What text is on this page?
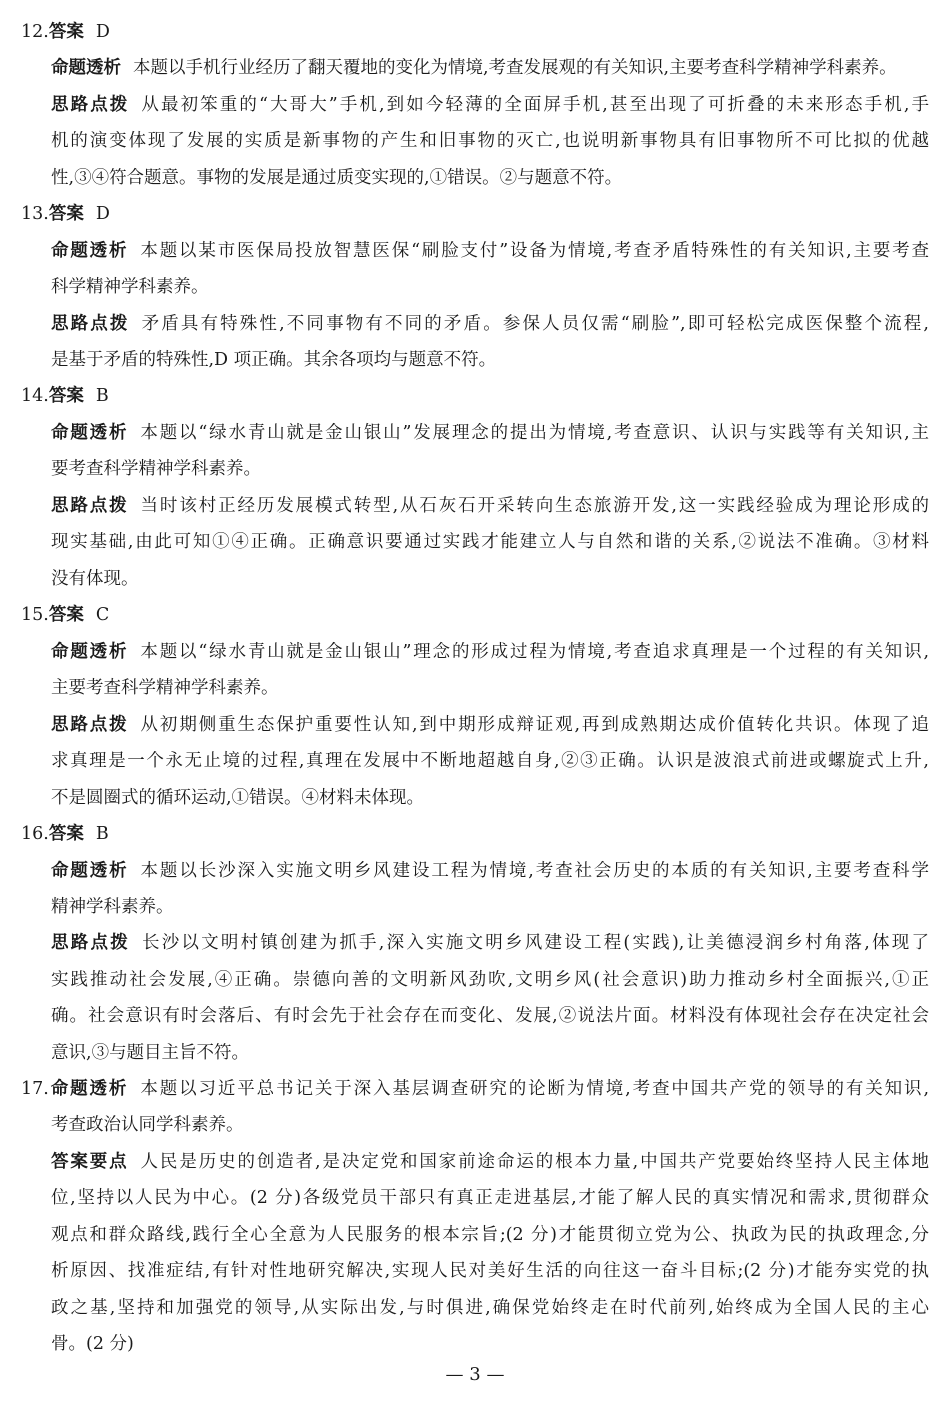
12.答案 D
命题透析 本题以手机行业经历了翻天覆地的变化为情境,考查发展观的有关知识,主要考查科学精神学科素养。
思路点拨 从最初笨重的“大哥大”手机,到如今轻薄的全面屏手机,甚至出现了可折叠的未来形态手机,手
机的演变体现了发展的实质是新事物的产生和旧事物的灭亡,也说明新事物具有旧事物所不可比拟的优越
性,③④符合题意。事物的发展是通过质变实现的,①错误。②与题意不符。
13.答案 D
命题透析 本题以某市医保局投放智慧医保“刷脸支付”设备为情境,考查矛盾特殊性的有关知识,主要考查
科学精神学科素养。
思路点拨 矛盾具有特殊性,不同事物有不同的矛盾。参保人员仅需“刷脸”,即可轻松完成医保整个流程,
是基于矛盾的特殊性,D 项正确。其余各项均与题意不符。
14.答案 B
命题透析 本题以“绿水青山就是金山银山”发展理念的提出为情境,考查意识、认识与实践等有关知识,主
要考查科学精神学科素养。
思路点拨 当时该村正经历发展模式转型,从石灰石开采转向生态旅游开发,这一实践经验成为理论形成的
现实基础,由此可知①④正确。正确意识要通过实践才能建立人与自然和谐的关系,②说法不准确。③材料
没有体现。
15.答案 C
命题透析 本题以“绿水青山就是金山银山”理念的形成过程为情境,考查追求真理是一个过程的有关知识,
主要考查科学精神学科素养。
思路点拨 从初期侧重生态保护重要性认知,到中期形成辩证观,再到成熟期达成价值转化共识。体现了追
求真理是一个永无止境的过程,真理在发展中不断地超越自身,②③正确。认识是波浪式前进或螺旋式上升,
不是圆圈式的循环运动,①错误。④材料未体现。
16.答案 B
命题透析 本题以长沙深入实施文明乡风建设工程为情境,考查社会历史的本质的有关知识,主要考查科学
精神学科素养。
思路点拨 长沙以文明村镇创建为抓手,深入实施文明乡风建设工程(实践),让美德浸润乡村角落,体现了
实践推动社会发展,④正确。崇德向善的文明新风劲吹,文明乡风(社会意识)助力推动乡村全面振兴,①正
确。社会意识有时会落后、有时会先于社会存在而变化、发展,②说法片面。材料没有体现社会存在决定社会
意识,③与题目主旨不符。
17.命题透析 本题以习近平总书记关于深入基层调查研究的论断为情境,考查中国共产党的领导的有关知识,
考查政治认同学科素养。
答案要点 人民是历史的创造者,是决定党和国家前途命运的根本力量,中国共产党要始终坚持人民主体地
位,坚持以人民为中心。(2 分)各级党员干部只有真正走进基层,才能了解人民的真实情况和需求,贯彻群众
观点和群众路线,践行全心全意为人民服务的根本宗旨;(2 分)才能贯彻立党为公、执政为民的执政理念,分
析原因、找准症结,有针对性地研究解决,实现人民对美好生活的向往这一奋斗目标;(2 分)才能夯实党的执
政之基,坚持和加强党的领导,从实际出发,与时俱进,确保党始终走在时代前列,始终成为全国人民的主心
骨。(2 分)
— 3 —
